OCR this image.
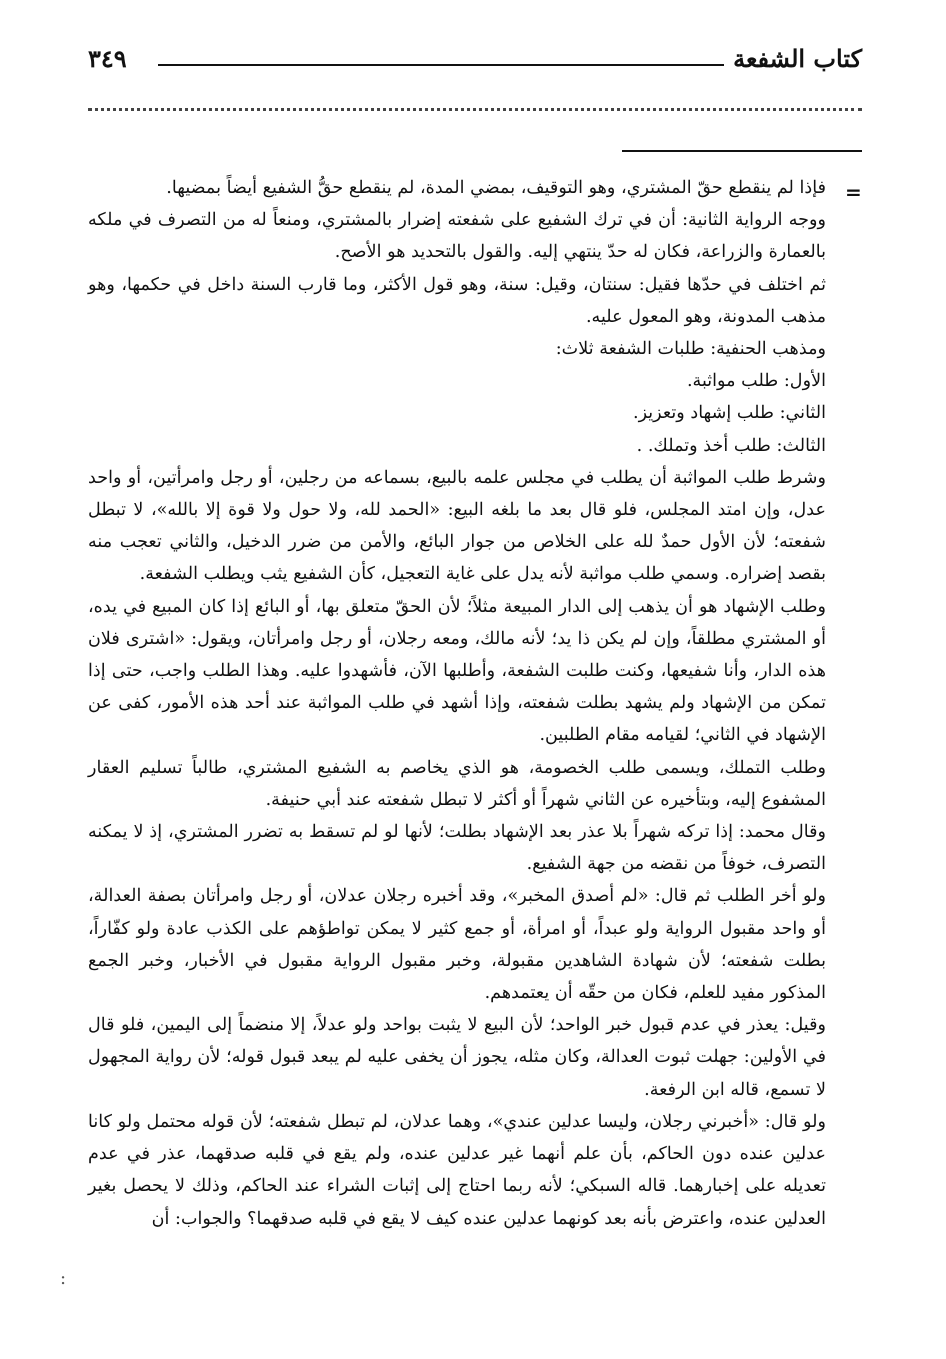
كتاب الشفعة
٣٤٩
=
:

فإذا لم ينقطع حقّ المشتري، وهو التوقيف، بمضي المدة، لم ينقطع حقُّ الشفيع أيضاً بمضيها.

ووجه الرواية الثانية: أن في ترك الشفيع على شفعته إضرار بالمشتري، ومنعاً له من التصرف في ملكه بالعمارة والزراعة، فكان له حدّ ينتهي إليه. والقول بالتحديد هو الأصح.

ثم اختلف في حدّها فقيل: سنتان، وقيل: سنة، وهو قول الأكثر، وما قارب السنة داخل في حكمها، وهو مذهب المدونة، وهو المعول عليه.

ومذهب الحنفية: طلبات الشفعة ثلاث:

الأول: طلب مواثبة.

الثاني: طلب إشهاد وتعزيز.

الثالث: طلب أخذ وتملك. .

وشرط طلب المواثبة أن يطلب في مجلس علمه بالبيع، بسماعه من رجلين، أو رجل وامرأتين، أو واحد عدل، وإن امتد المجلس، فلو قال بعد ما بلغه البيع: «الحمد لله، ولا حول ولا قوة إلا بالله»، لا تبطل شفعته؛ لأن الأول حمدٌ لله على الخلاص من جوار البائع، والأمن من ضرر الدخيل، والثاني تعجب منه بقصد إضراره. وسمي طلب مواثبة لأنه يدل على غاية التعجيل، كأن الشفيع يثب ويطلب الشفعة.

وطلب الإشهاد هو أن يذهب إلى الدار المبيعة مثلاً؛ لأن الحقّ متعلق بها، أو البائع إذا كان المبيع في يده، أو المشتري مطلقاً، وإن لم يكن ذا يد؛ لأنه مالك، ومعه رجلان، أو رجل وامرأتان، ويقول: «اشترى فلان هذه الدار، وأنا شفيعها، وكنت طلبت الشفعة، وأطلبها الآن، فأشهدوا عليه. وهذا الطلب واجب، حتى إذا تمكن من الإشهاد ولم يشهد بطلت شفعته، وإذا أشهد في طلب المواثبة عند أحد هذه الأمور، كفى عن الإشهاد في الثاني؛ لقيامه مقام الطلبين.

وطلب التملك، ويسمى طلب الخصومة، هو الذي يخاصم به الشفيع المشتري، طالباً تسليم العقار المشفوع إليه، وبتأخيره عن الثاني شهراً أو أكثر لا تبطل شفعته عند أبي حنيفة.

وقال محمد: إذا تركه شهراً بلا عذر بعد الإشهاد بطلت؛ لأنها لو لم تسقط به تضرر المشتري، إذ لا يمكنه التصرف، خوفاً من نقضه من جهة الشفيع.

ولو أخر الطلب ثم قال: «لم أصدق المخبر»، وقد أخبره رجلان عدلان، أو رجل وامرأتان بصفة العدالة، أو واحد مقبول الرواية ولو عبداً، أو امرأة، أو جمع كثير لا يمكن تواطؤهم على الكذب عادة ولو كفّاراً، بطلت شفعته؛ لأن شهادة الشاهدين مقبولة، وخبر مقبول الرواية مقبول في الأخبار، وخبر الجمع المذكور مفيد للعلم، فكان من حقّه أن يعتمدهم.

وقيل: يعذر في عدم قبول خبر الواحد؛ لأن البيع لا يثبت بواحد ولو عدلاً، إلا منضماً إلى اليمين، فلو قال في الأولين: جهلت ثبوت العدالة، وكان مثله، يجوز أن يخفى عليه لم يبعد قبول قوله؛ لأن رواية المجهول لا تسمع، قاله ابن الرفعة.

ولو قال: «أخبرني رجلان، وليسا عدلين عندي»، وهما عدلان، لم تبطل شفعته؛ لأن قوله محتمل ولو كانا عدلين عنده دون الحاكم، بأن علم أنهما غير عدلين عنده، ولم يقع في قلبه صدقهما، عذر في عدم تعديله على إخبارهما. قاله السبكي؛ لأنه ربما احتاج إلى إثبات الشراء عند الحاكم، وذلك لا يحصل بغير العدلين عنده، واعترض بأنه بعد كونهما عدلين عنده كيف لا يقع في قلبه صدقهما؟ والجواب: أن
